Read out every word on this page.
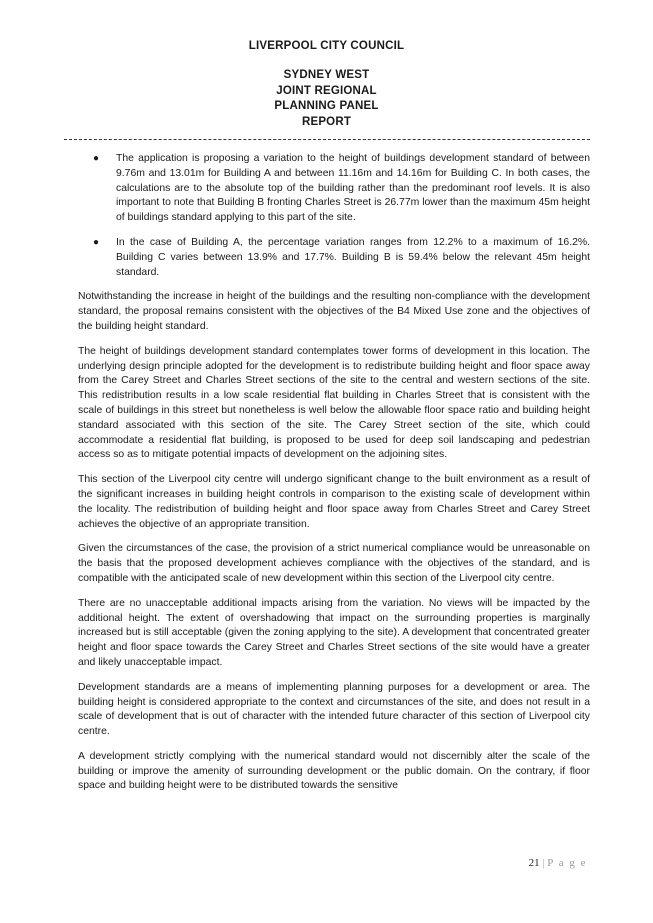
LIVERPOOL CITY COUNCIL
SYDNEY WEST
JOINT REGIONAL
PLANNING PANEL
REPORT
● The application is proposing a variation to the height of buildings development standard of between 9.76m and 13.01m for Building A and between 11.16m and 14.16m for Building C. In both cases, the calculations are to the absolute top of the building rather than the predominant roof levels. It is also important to note that Building B fronting Charles Street is 26.77m lower than the maximum 45m height of buildings standard applying to this part of the site.
● In the case of Building A, the percentage variation ranges from 12.2% to a maximum of 16.2%. Building C varies between 13.9% and 17.7%. Building B is 59.4% below the relevant 45m height standard.

Notwithstanding the increase in height of the buildings and the resulting non-compliance with the development standard, the proposal remains consistent with the objectives of the B4 Mixed Use zone and the objectives of the building height standard.

The height of buildings development standard contemplates tower forms of development in this location. The underlying design principle adopted for the development is to redistribute building height and floor space away from the Carey Street and Charles Street sections of the site to the central and western sections of the site. This redistribution results in a low scale residential flat building in Charles Street that is consistent with the scale of buildings in this street but nonetheless is well below the allowable floor space ratio and building height standard associated with this section of the site. The Carey Street section of the site, which could accommodate a residential flat building, is proposed to be used for deep soil landscaping and pedestrian access so as to mitigate potential impacts of development on the adjoining sites.

This section of the Liverpool city centre will undergo significant change to the built environment as a result of the significant increases in building height controls in comparison to the existing scale of development within the locality. The redistribution of building height and floor space away from Charles Street and Carey Street achieves the objective of an appropriate transition.

Given the circumstances of the case, the provision of a strict numerical compliance would be unreasonable on the basis that the proposed development achieves compliance with the objectives of the standard, and is compatible with the anticipated scale of new development within this section of the Liverpool city centre.

There are no unacceptable additional impacts arising from the variation. No views will be impacted by the additional height. The extent of overshadowing that impact on the surrounding properties is marginally increased but is still acceptable (given the zoning applying to the site). A development that concentrated greater height and floor space towards the Carey Street and Charles Street sections of the site would have a greater and likely unacceptable impact.

Development standards are a means of implementing planning purposes for a development or area. The building height is considered appropriate to the context and circumstances of the site, and does not result in a scale of development that is out of character with the intended future character of this section of Liverpool city centre.

A development strictly complying with the numerical standard would not discernibly alter the scale of the building or improve the amenity of surrounding development or the public domain. On the contrary, if floor space and building height were to be distributed towards the sensitive

21 | P a g e
